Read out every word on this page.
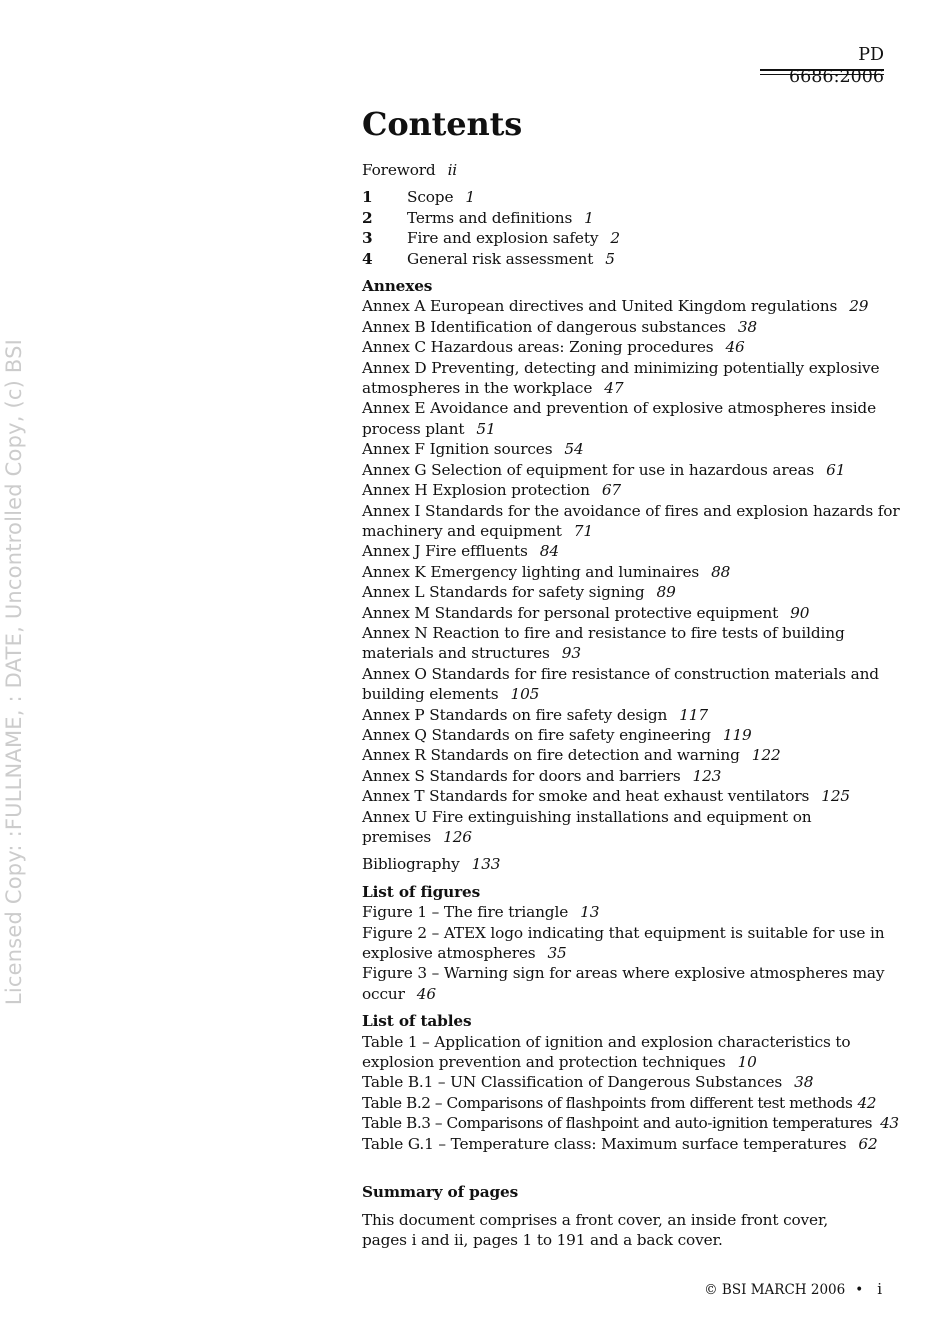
PD 6686:2006
Licensed Copy: :FULLNAME, : DATE, Uncontrolled Copy, (c) BSI
Contents
Foreword ii
1	Scope 1
2	Terms and definitions 1
3	Fire and explosion safety 2
4	General risk assessment 5
Annexes
Annex A European directives and United Kingdom regulations 29
Annex B Identification of dangerous substances 38
Annex C Hazardous areas: Zoning procedures 46
Annex D Preventing, detecting and minimizing potentially explosive atmospheres in the workplace 47
Annex E Avoidance and prevention of explosive atmospheres inside process plant 51
Annex F Ignition sources 54
Annex G Selection of equipment for use in hazardous areas 61
Annex H Explosion protection 67
Annex I Standards for the avoidance of fires and explosion hazards for machinery and equipment 71
Annex J Fire effluents 84
Annex K Emergency lighting and luminaires 88
Annex L Standards for safety signing 89
Annex M Standards for personal protective equipment 90
Annex N Reaction to fire and resistance to fire tests of building materials and structures 93
Annex O Standards for fire resistance of construction materials and building elements 105
Annex P Standards on fire safety design 117
Annex Q Standards on fire safety engineering 119
Annex R Standards on fire detection and warning 122
Annex S Standards for doors and barriers 123
Annex T Standards for smoke and heat exhaust ventilators 125
Annex U Fire extinguishing installations and equipment on premises 126
Bibliography 133
List of figures
Figure 1 – The fire triangle 13
Figure 2 – ATEX logo indicating that equipment is suitable for use in explosive atmospheres 35
Figure 3 – Warning sign for areas where explosive atmospheres may occur 46
List of tables
Table 1 – Application of ignition and explosion characteristics to explosion prevention and protection techniques 10
Table B.1 – UN Classification of Dangerous Substances 38
Table B.2 – Comparisons of flashpoints from different test methods 42
Table B.3 – Comparisons of flashpoint and auto-ignition temperatures 43
Table G.1 – Temperature class: Maximum surface temperatures 62
Summary of pages
This document comprises a front cover, an inside front cover, pages i and ii, pages 1 to 191 and a back cover.
© BSI MARCH 2006 • i
